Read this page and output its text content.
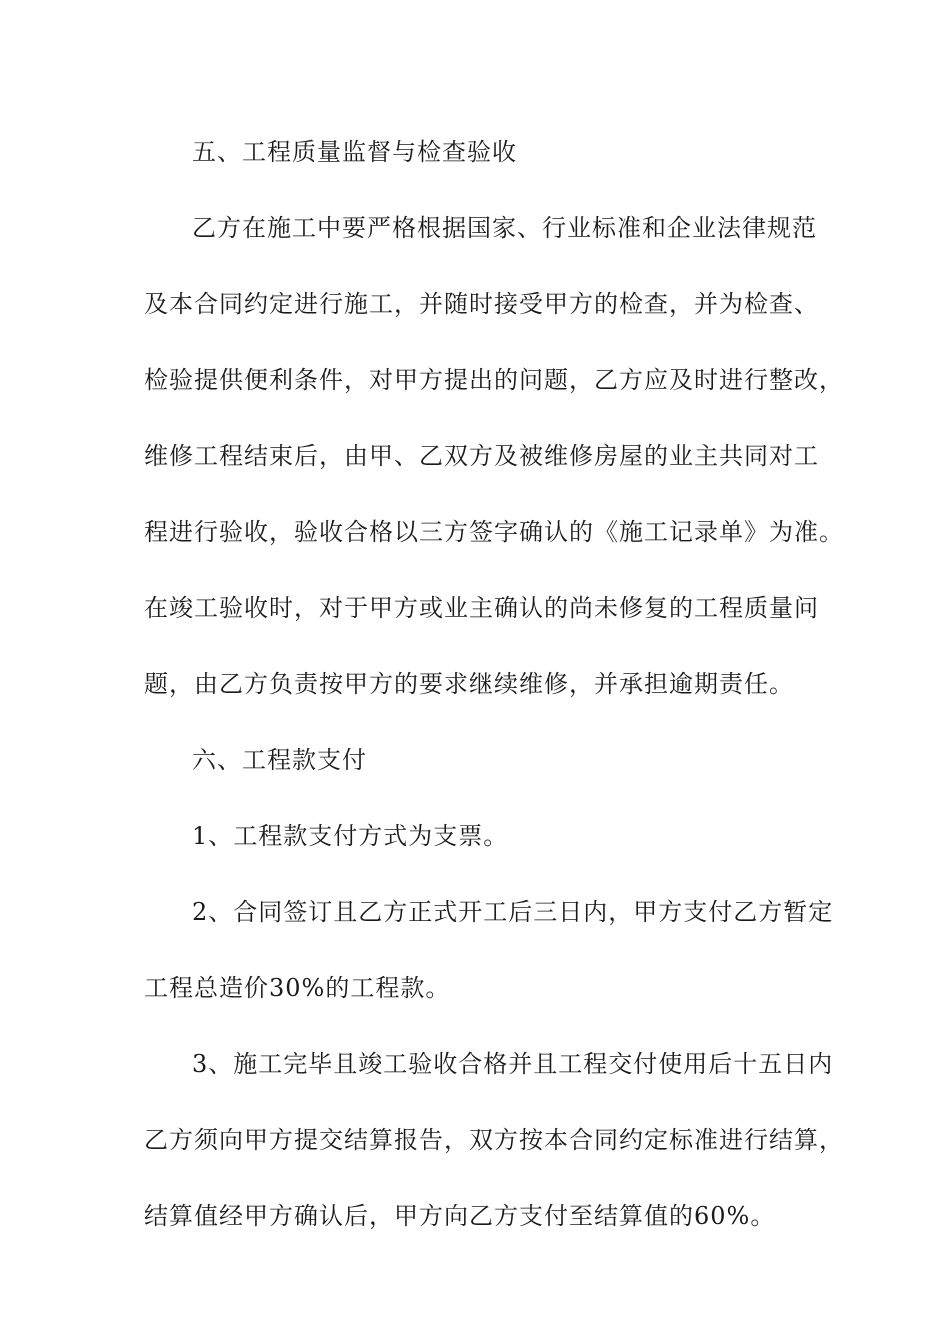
五、工程质量监督与检查验收
乙方在施工中要严格根据国家、行业标准和企业法律规范
及本合同约定进行施工，并随时接受甲方的检查，并为检查、
检验提供便利条件，对甲方提出的问题，乙方应及时进行整改，
维修工程结束后，由甲、乙双方及被维修房屋的业主共同对工
程进行验收，验收合格以三方签字确认的《施工记录单》为准。
在竣工验收时，对于甲方或业主确认的尚未修复的工程质量问
题，由乙方负责按甲方的要求继续维修，并承担逾期责任。
六、工程款支付
1、工程款支付方式为支票。
2、合同签订且乙方正式开工后三日内，甲方支付乙方暂定
工程总造价30%的工程款。
3、施工完毕且竣工验收合格并且工程交付使用后十五日内
乙方须向甲方提交结算报告，双方按本合同约定标准进行结算，
结算值经甲方确认后，甲方向乙方支付至结算值的60%。
